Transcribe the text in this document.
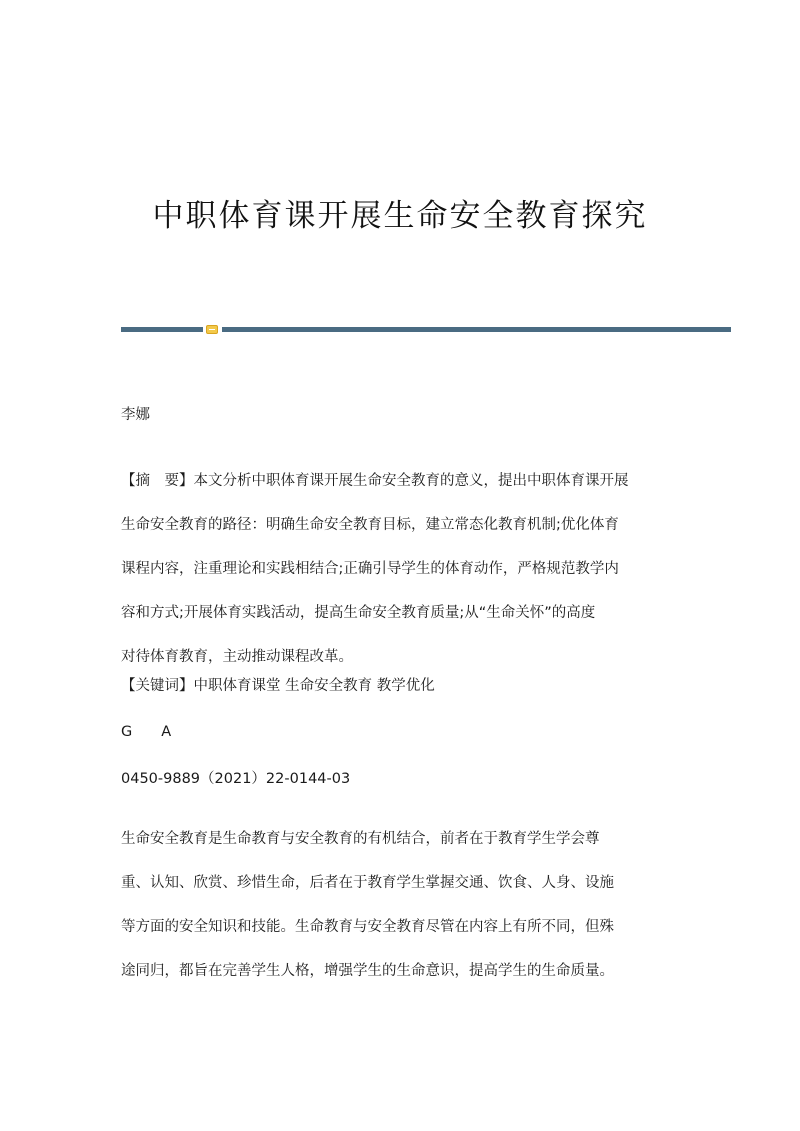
中职体育课开展生命安全教育探究
李娜
【摘　要】本文分析中职体育课开展生命安全教育的意义，提出中职体育课开展
生命安全教育的路径：明确生命安全教育目标，建立常态化教育机制;优化体育
课程内容，注重理论和实践相结合;正确引导学生的体育动作，严格规范教学内
容和方式;开展体育实践活动，提高生命安全教育质量;从“生命关怀”的高度
对待体育教育，主动推动课程改革。
【关键词】中职体育课堂 生命安全教育 教学优化
G　　A
0450-9889（2021）22-0144-03
生命安全教育是生命教育与安全教育的有机结合，前者在于教育学生学会尊
重、认知、欣赏、珍惜生命，后者在于教育学生掌握交通、饮食、人身、设施
等方面的安全知识和技能。生命教育与安全教育尽管在内容上有所不同，但殊
途同归，都旨在完善学生人格，增强学生的生命意识，提高学生的生命质量。
